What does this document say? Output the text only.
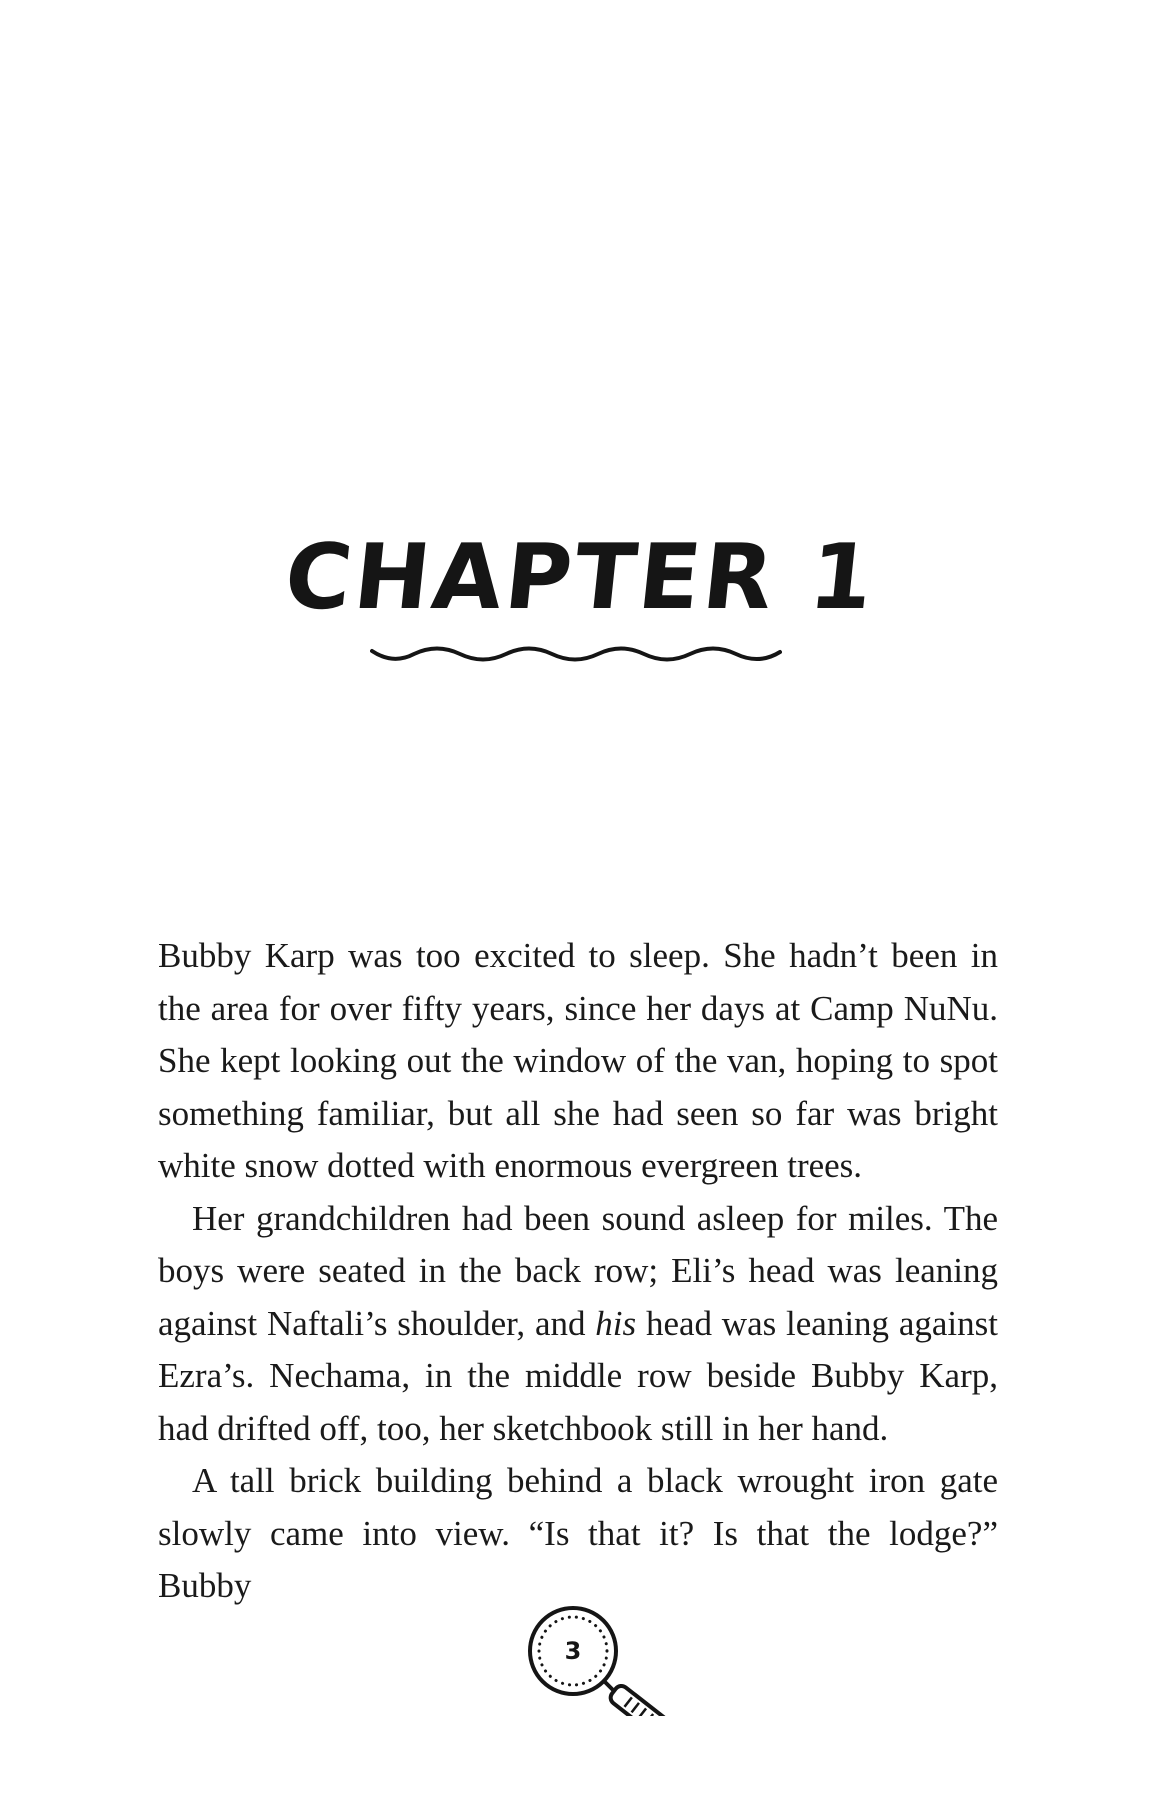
CHAPTER 1

Bubby Karp was too excited to sleep. She hadn’t been in the area for over fifty years, since her days at Camp NuNu. She kept looking out the window of the van, hoping to spot something familiar, but all she had seen so far was bright white snow dotted with enormous evergreen trees.

Her grandchildren had been sound asleep for miles. The boys were seated in the back row; Eli’s head was leaning against Naftali’s shoulder, and his head was leaning against Ezra’s. Nechama, in the middle row beside Bubby Karp, had drifted off, too, her sketchbook still in her hand.

A tall brick building behind a black wrought iron gate slowly came into view. “Is that it? Is that the lodge?” Bubby

3
